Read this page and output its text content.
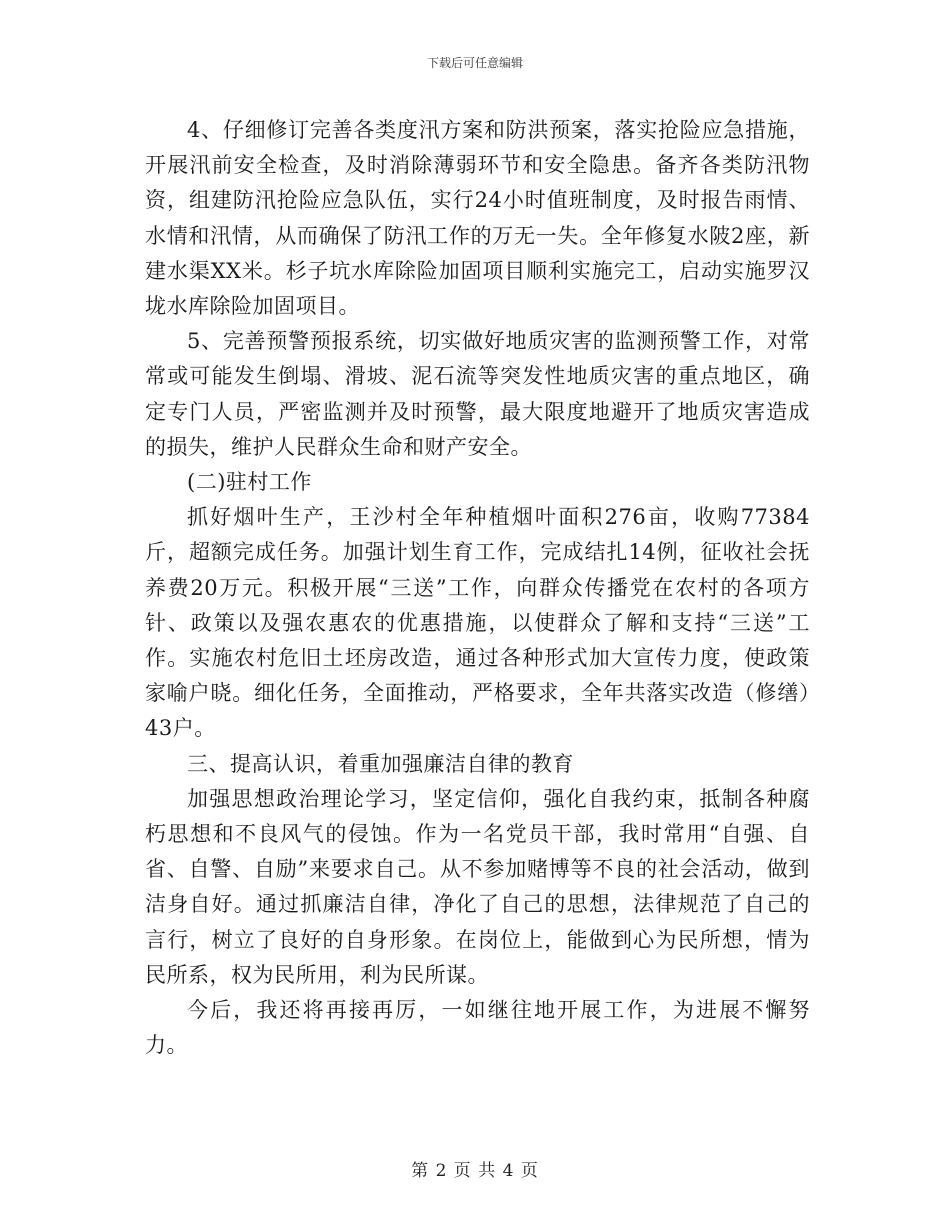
下载后可任意编辑

4、仔细修订完善各类度汛方案和防洪预案，落实抢险应急措施，开展汛前安全检查，及时消除薄弱环节和安全隐患。备齐各类防汛物资，组建防汛抢险应急队伍，实行24小时值班制度，及时报告雨情、水情和汛情，从而确保了防汛工作的万无一失。全年修复水陂2座，新建水渠XX米。杉子坑水库除险加固项目顺利实施完工，启动实施罗汉垅水库除险加固项目。

5、完善预警预报系统，切实做好地质灾害的监测预警工作，对常常或可能发生倒塌、滑坡、泥石流等突发性地质灾害的重点地区，确定专门人员，严密监测并及时预警，最大限度地避开了地质灾害造成的损失，维护人民群众生命和财产安全。

(二)驻村工作

抓好烟叶生产，王沙村全年种植烟叶面积276亩，收购77384斤，超额完成任务。加强计划生育工作，完成结扎14例，征收社会抚养费20万元。积极开展“三送”工作，向群众传播党在农村的各项方针、政策以及强农惠农的优惠措施，以使群众了解和支持“三送”工作。实施农村危旧土坯房改造，通过各种形式加大宣传力度，使政策家喻户晓。细化任务，全面推动，严格要求，全年共落实改造（修缮）43户。

三、提高认识，着重加强廉洁自律的教育

加强思想政治理论学习，坚定信仰，强化自我约束，抵制各种腐朽思想和不良风气的侵蚀。作为一名党员干部，我时常用“自强、自省、自警、自励”来要求自己。从不参加赌博等不良的社会活动，做到洁身自好。通过抓廉洁自律，净化了自己的思想，法律规范了自己的言行，树立了良好的自身形象。在岗位上，能做到心为民所想，情为民所系，权为民所用，利为民所谋。

今后，我还将再接再厉，一如继往地开展工作，为进展不懈努力。

第 2 页 共 4 页
